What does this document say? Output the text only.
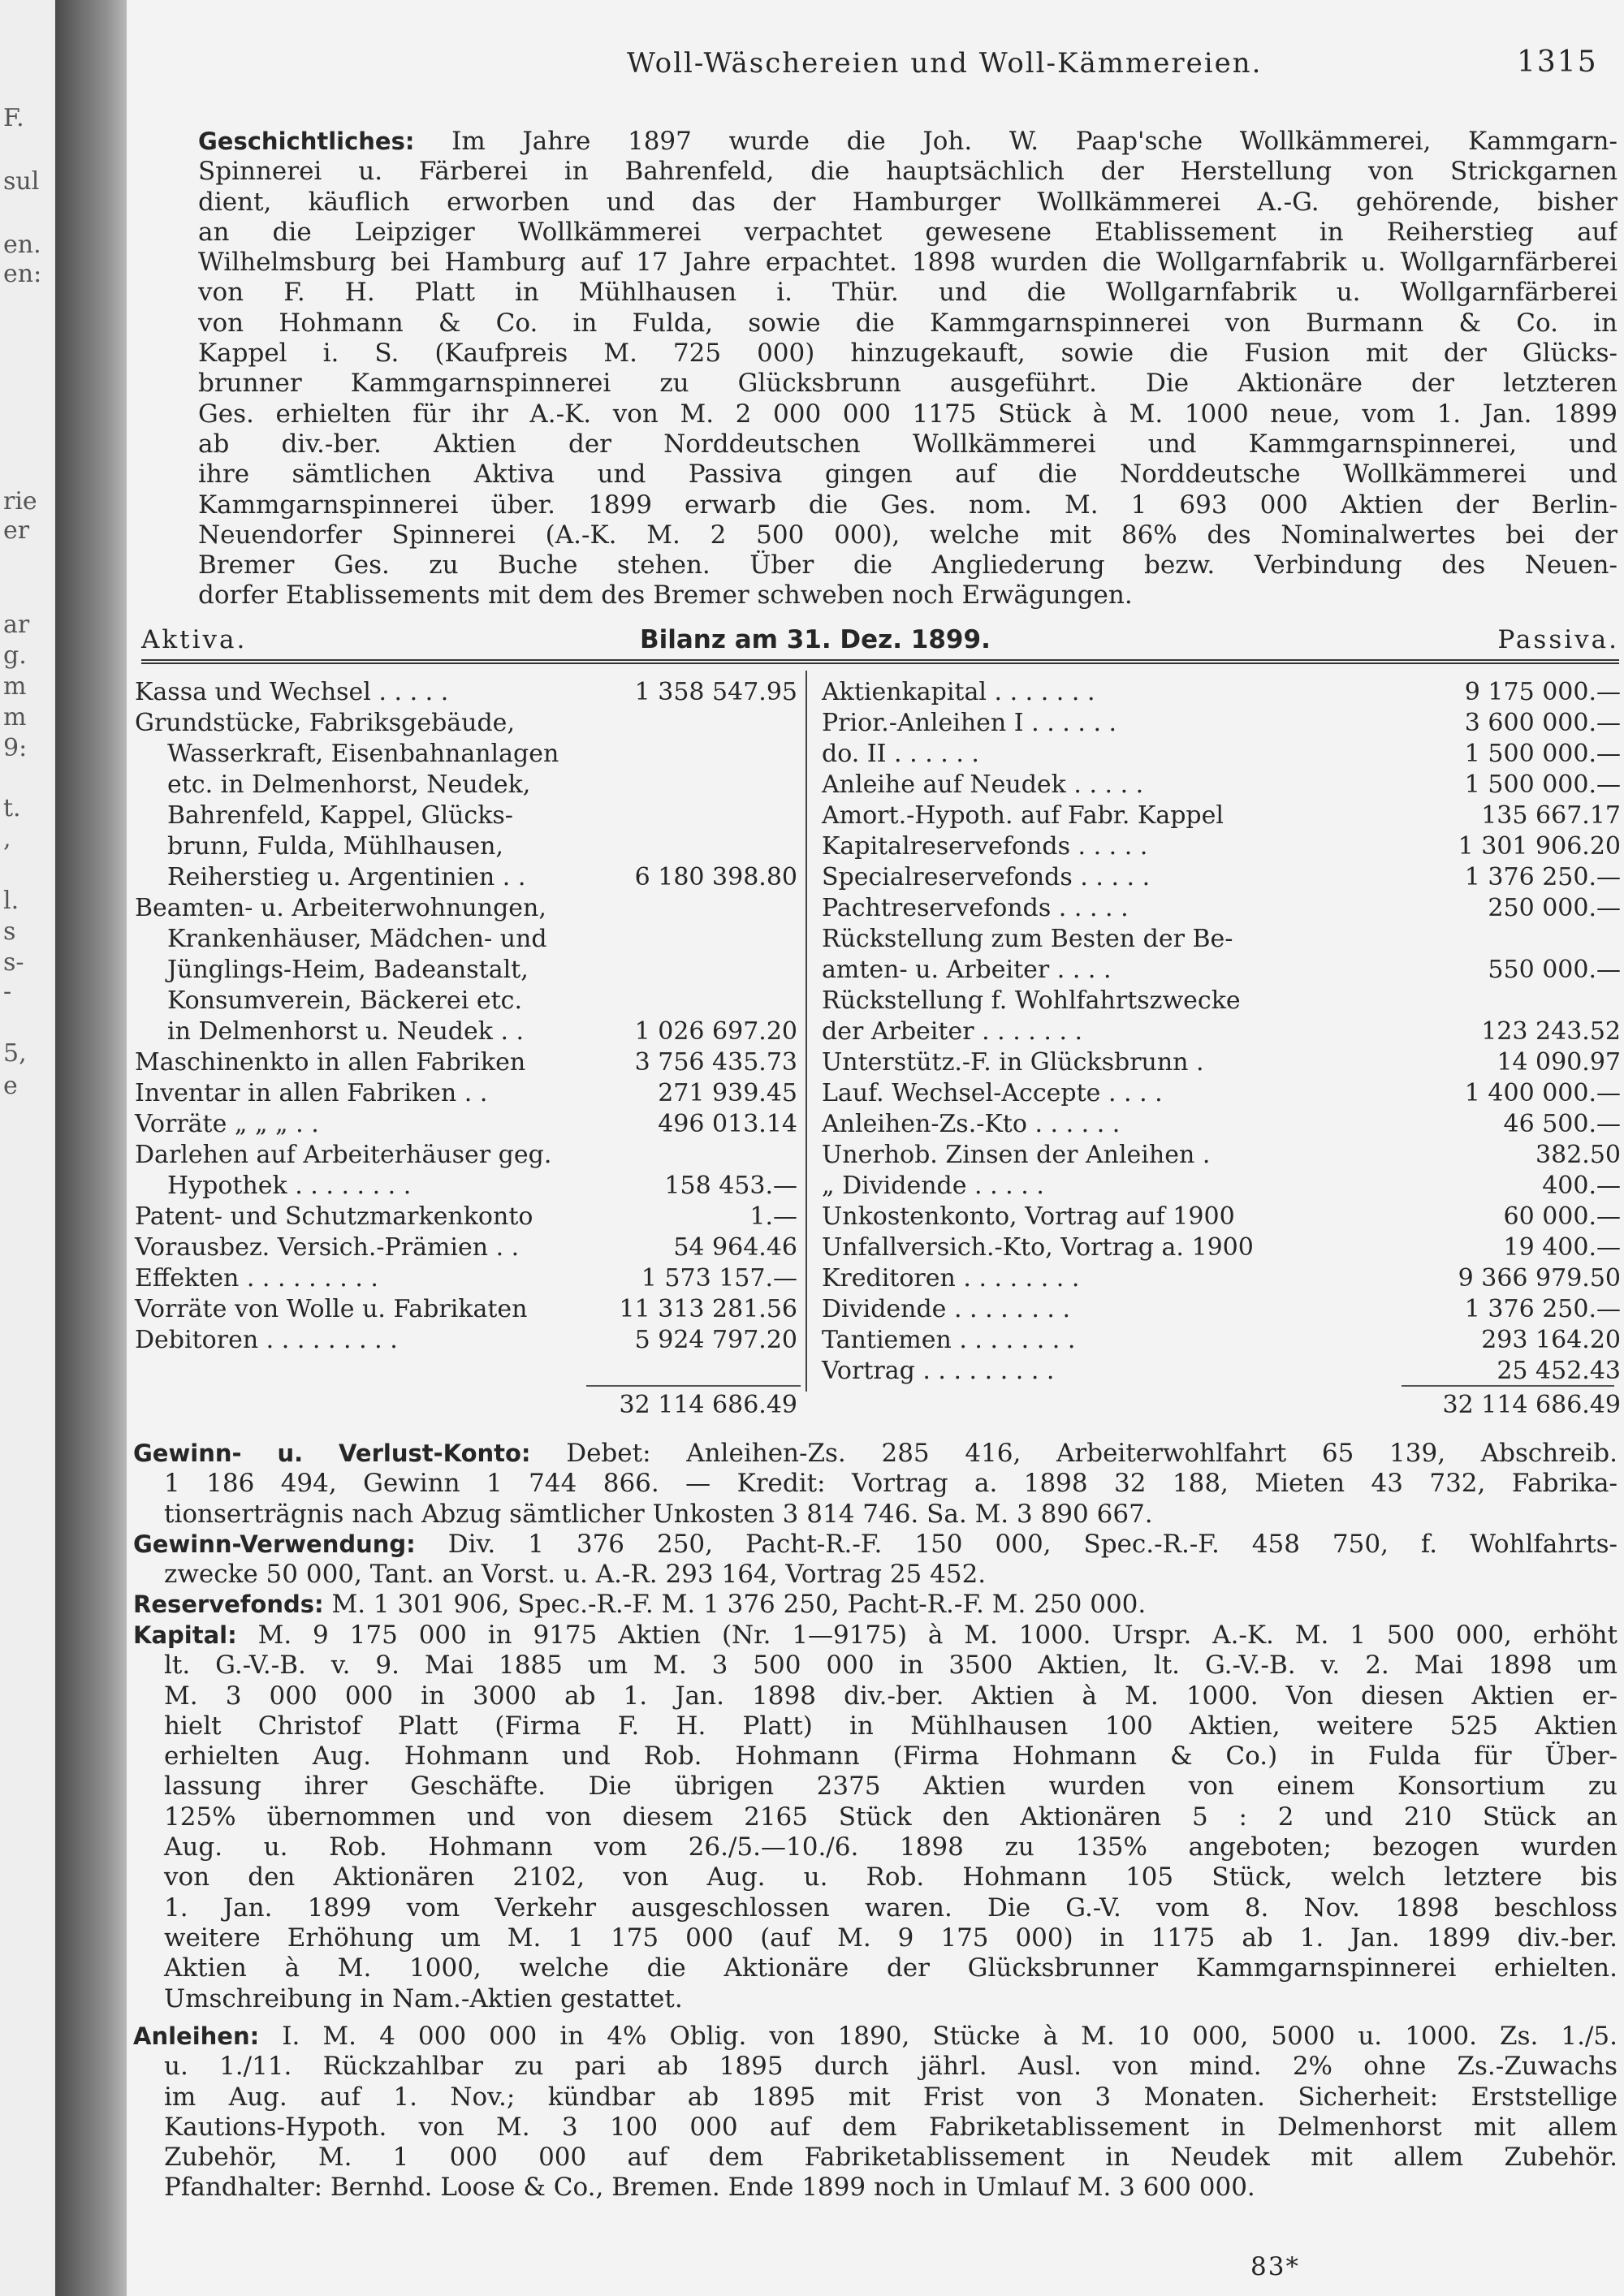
Woll-Wäschereien und Woll-Kämmereien.	1315
Geschichtliches: Im Jahre 1897 wurde die Joh. W. Paap'sche Wollkämmerei, Kammgarn-
Spinnerei u. Färberei in Bahrenfeld, die hauptsächlich der Herstellung von Strickgarnen
dient, käuflich erworben und das der Hamburger Wollkämmerei A.-G. gehörende, bisher
an die Leipziger Wollkämmerei verpachtet gewesene Etablissement in Reiherstieg auf
Wilhelmsburg bei Hamburg auf 17 Jahre erpachtet. 1898 wurden die Wollgarnfabrik u. Wollgarnfärberei
von F. H. Platt in Mühlhausen i. Thür. und die Wollgarnfabrik u. Wollgarnfärberei
von Hohmann & Co. in Fulda, sowie die Kammgarnspinnerei von Burmann & Co. in
Kappel i. S. (Kaufpreis M. 725 000) hinzugekauft, sowie die Fusion mit der Glücks-
brunner Kammgarnspinnerei zu Glücksbrunn ausgeführt. Die Aktionäre der letzteren
Ges. erhielten für ihr A.-K. von M. 2 000 000 1175 Stück à M. 1000 neue, vom 1. Jan. 1899
ab div.-ber. Aktien der Norddeutschen Wollkämmerei und Kammgarnspinnerei, und
ihre sämtlichen Aktiva und Passiva gingen auf die Norddeutsche Wollkämmerei und
Kammgarnspinnerei über. 1899 erwarb die Ges. nom. M. 1 693 000 Aktien der Berlin-
Neuendorfer Spinnerei (A.-K. M. 2 500 000), welche mit 86% des Nominalwertes bei der
Bremer Ges. zu Buche stehen. Über die Angliederung bezw. Verbindung des Neuen-
dorfer Etablissements mit dem des Bremer schweben noch Erwägungen.
Aktiva.	Bilanz am 31. Dez. 1899.	Passiva.
Gewinn- u. Verlust-Konto: Debet: Anleihen-Zs. 285 416, Arbeiterwohlfahrt 65 139, Abschreib.
1 186 494, Gewinn 1 744 866. — Kredit: Vortrag a. 1898 32 188, Mieten 43 732, Fabrika-
tionserträgnis nach Abzug sämtlicher Unkosten 3 814 746. Sa. M. 3 890 667.
Gewinn-Verwendung: Div. 1 376 250, Pacht-R.-F. 150 000, Spec.-R.-F. 458 750, f. Wohlfahrts-
zwecke 50 000, Tant. an Vorst. u. A.-R. 293 164, Vortrag 25 452.
Reservefonds: M. 1 301 906, Spec.-R.-F. M. 1 376 250, Pacht-R.-F. M. 250 000.
Kapital: M. 9 175 000 in 9175 Aktien (Nr. 1—9175) à M. 1000. Urspr. A.-K. M. 1 500 000, erhöht
lt. G.-V.-B. v. 9. Mai 1885 um M. 3 500 000 in 3500 Aktien, lt. G.-V.-B. v. 2. Mai 1898 um
M. 3 000 000 in 3000 ab 1. Jan. 1898 div.-ber. Aktien à M. 1000. Von diesen Aktien er-
hielt Christof Platt (Firma F. H. Platt) in Mühlhausen 100 Aktien, weitere 525 Aktien
erhielten Aug. Hohmann und Rob. Hohmann (Firma Hohmann & Co.) in Fulda für Über-
lassung ihrer Geschäfte. Die übrigen 2375 Aktien wurden von einem Konsortium zu
125% übernommen und von diesem 2165 Stück den Aktionären 5 : 2 und 210 Stück an
Aug. u. Rob. Hohmann vom 26./5.—10./6. 1898 zu 135% angeboten; bezogen wurden
von den Aktionären 2102, von Aug. u. Rob. Hohmann 105 Stück, welch letztere bis
1. Jan. 1899 vom Verkehr ausgeschlossen waren. Die G.-V. vom 8. Nov. 1898 beschloss
weitere Erhöhung um M. 1 175 000 (auf M. 9 175 000) in 1175 ab 1. Jan. 1899 div.-ber.
Aktien à M. 1000, welche die Aktionäre der Glücksbrunner Kammgarnspinnerei erhielten.
Umschreibung in Nam.-Aktien gestattet.
Anleihen: I. M. 4 000 000 in 4% Oblig. von 1890, Stücke à M. 10 000, 5000 u. 1000. Zs. 1./5.
u. 1./11. Rückzahlbar zu pari ab 1895 durch jährl. Ausl. von mind. 2% ohne Zs.-Zuwachs
im Aug. auf 1. Nov.; kündbar ab 1895 mit Frist von 3 Monaten. Sicherheit: Erststellige
Kautions-Hypoth. von M. 3 100 000 auf dem Fabriketablissement in Delmenhorst mit allem
Zubehör, M. 1 000 000 auf dem Fabriketablissement in Neudek mit allem Zubehör.
Pfandhalter: Bernhd. Loose & Co., Bremen. Ende 1899 noch in Umlauf M. 3 600 000.
83*
Kassa und Wechsel . . . . .	1 358 547.95
Grundstücke, Fabriksgebäude,
Wasserkraft, Eisenbahnanlagen
etc. in Delmenhorst, Neudek,
Bahrenfeld, Kappel, Glücks-
brunn, Fulda, Mühlhausen,
Reiherstieg u. Argentinien . .	6 180 398.80
Beamten- u. Arbeiterwohnungen,
Krankenhäuser, Mädchen- und
Jünglings-Heim, Badeanstalt,
Konsumverein, Bäckerei etc.
in Delmenhorst u. Neudek . .	1 026 697.20
Maschinenkto in allen Fabriken	3 756 435.73
Inventar in allen Fabriken . .	271 939.45
Vorräte „ „ „ . .	496 013.14
Darlehen auf Arbeiterhäuser geg.
Hypothek . . . . . . . .	158 453.—
Patent- und Schutzmarkenkonto	1.—
Vorausbez. Versich.-Prämien . .	54 964.46
Effekten . . . . . . . . .	1 573 157.—
Vorräte von Wolle u. Fabrikaten	11 313 281.56
Debitoren . . . . . . . . .	5 924 797.20
Aktienkapital . . . . . . .	9 175 000.—
Prior.-Anleihen I . . . . . .	3 600 000.—
do. II . . . . . .	1 500 000.—
Anleihe auf Neudek . . . . .	1 500 000.—
Amort.-Hypoth. auf Fabr. Kappel	135 667.17
Kapitalreservefonds . . . . .	1 301 906.20
Specialreservefonds . . . . .	1 376 250.—
Pachtreservefonds . . . . .	250 000.—
Rückstellung zum Besten der Be-
amten- u. Arbeiter . . . .	550 000.—
Rückstellung f. Wohlfahrtszwecke
der Arbeiter . . . . . . .	123 243.52
Unterstütz.-F. in Glücksbrunn .	14 090.97
Lauf. Wechsel-Accepte . . . .	1 400 000.—
Anleihen-Zs.-Kto . . . . . .	46 500.—
Unerhob. Zinsen der Anleihen .	382.50
„ Dividende . . . . .	400.—
Unkostenkonto, Vortrag auf 1900	60 000.—
Unfallversich.-Kto, Vortrag a. 1900	19 400.—
Kreditoren . . . . . . . .	9 366 979.50
Dividende . . . . . . . .	1 376 250.—
Tantiemen . . . . . . . .	293 164.20
Vortrag . . . . . . . . .	25 452.43
32 114 686.49	32 114 686.49
F.
sul
en.
en:
rie
er
ar
g.
m
m
9:
t.
,
l.
s
s-
-
5,
e
